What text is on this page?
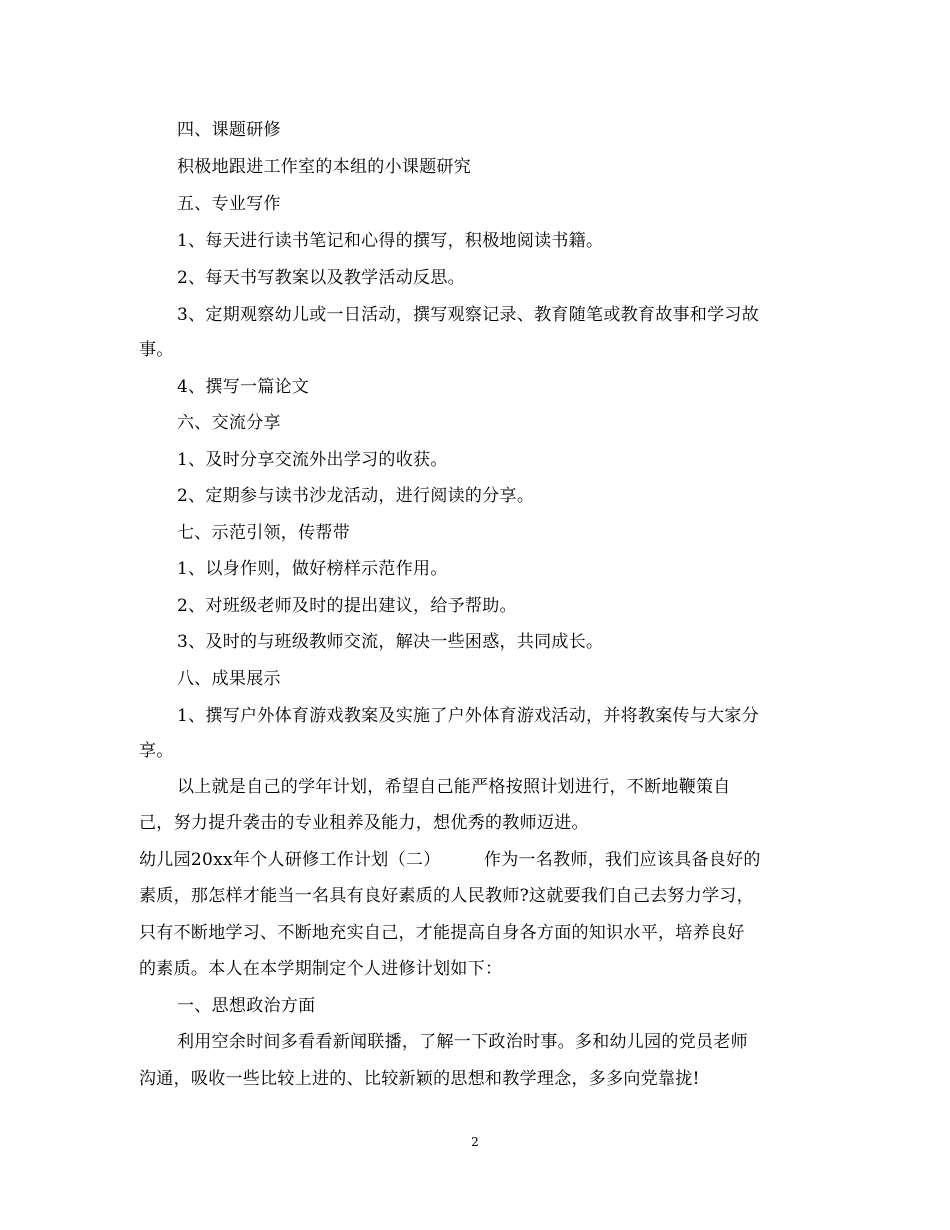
四、课题研修
积极地跟进工作室的本组的小课题研究
五、专业写作
1、每天进行读书笔记和心得的撰写，积极地阅读书籍。
2、每天书写教案以及教学活动反思。
3、定期观察幼儿或一日活动，撰写观察记录、教育随笔或教育故事和学习故
事。
4、撰写一篇论文
六、交流分享
1、及时分享交流外出学习的收获。
2、定期参与读书沙龙活动，进行阅读的分享。
七、示范引领，传帮带
1、以身作则，做好榜样示范作用。
2、对班级老师及时的提出建议，给予帮助。
3、及时的与班级教师交流，解决一些困惑，共同成长。
八、成果展示
1、撰写户外体育游戏教案及实施了户外体育游戏活动，并将教案传与大家分
享。
以上就是自己的学年计划，希望自己能严格按照计划进行，不断地鞭策自
己，努力提升袭击的专业租养及能力，想优秀的教师迈进。
幼儿园20xx年个人研修工作计划（二）　　　作为一名教师，我们应该具备良好的
素质，那怎样才能当一名具有良好素质的人民教师?这就要我们自己去努力学习，
只有不断地学习、不断地充实自己，才能提高自身各方面的知识水平，培养良好
的素质。本人在本学期制定个人进修计划如下：
一、思想政治方面
利用空余时间多看看新闻联播，了解一下政治时事。多和幼儿园的党员老师
沟通，吸收一些比较上进的、比较新颖的思想和教学理念，多多向党靠拢!
2
